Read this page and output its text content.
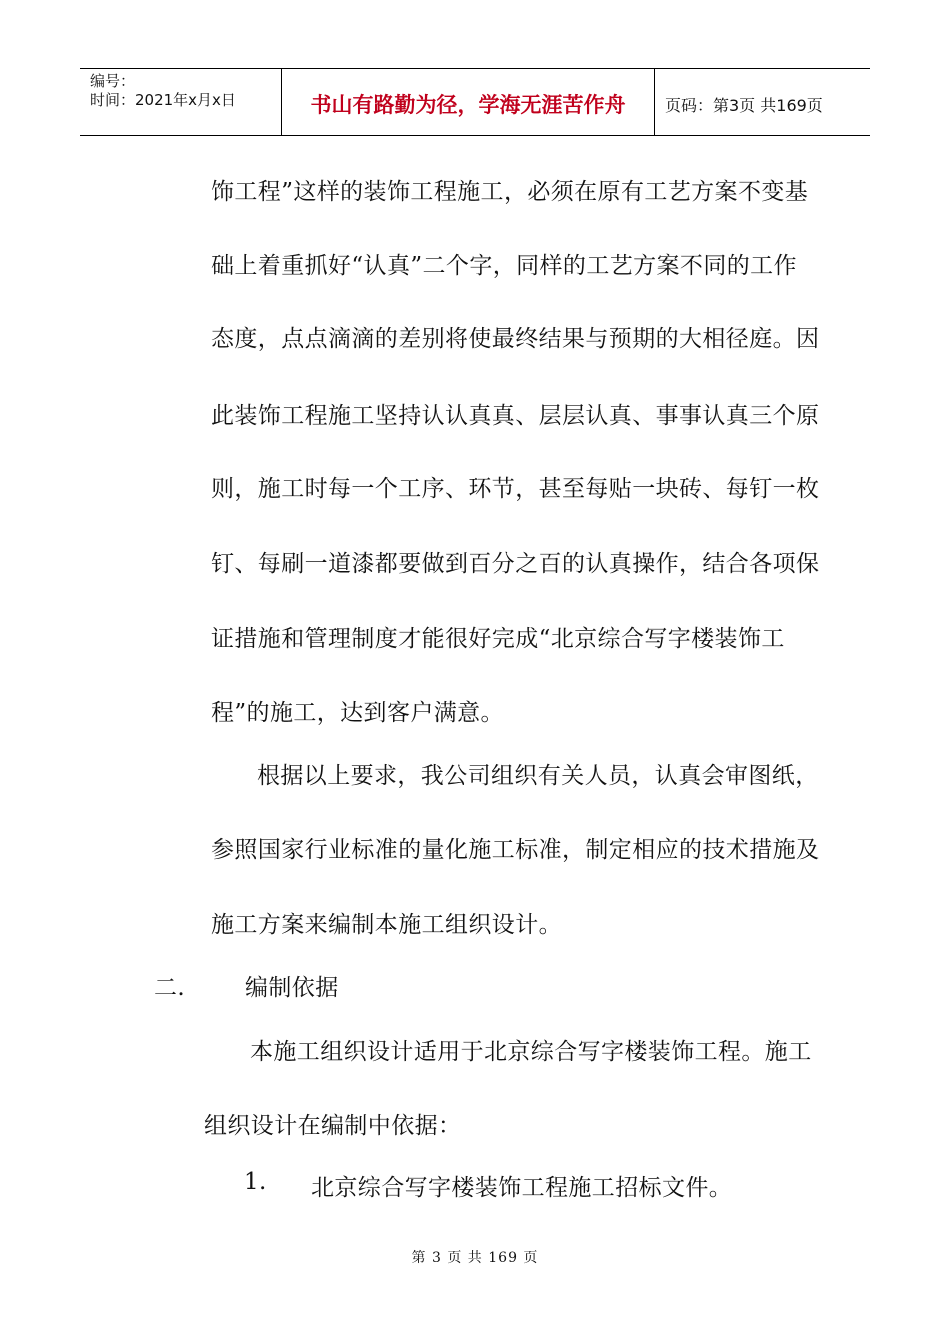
编号：
时间：2021年x月x日	书山有路勤为径，学海无涯苦作舟	页码：第3页 共169页

饰工程”这样的装饰工程施工，必须在原有工艺方案不变基

础上着重抓好“认真”二个字，同样的工艺方案不同的工作

态度，点点滴滴的差别将使最终结果与预期的大相径庭。因

此装饰工程施工坚持认认真真、层层认真、事事认真三个原

则，施工时每一个工序、环节，甚至每贴一块砖、每钉一枚

钉、每刷一道漆都要做到百分之百的认真操作，结合各项保

证措施和管理制度才能很好完成“北京综合写字楼装饰工

程”的施工，达到客户满意。

根据以上要求，我公司组织有关人员，认真会审图纸，

参照国家行业标准的量化施工标准，制定相应的技术措施及

施工方案来编制本施工组织设计。

二.	编制依据

本施工组织设计适用于北京综合写字楼装饰工程。施工

组织设计在编制中依据：

1. 北京综合写字楼装饰工程施工招标文件。

第 3 页 共 169 页
